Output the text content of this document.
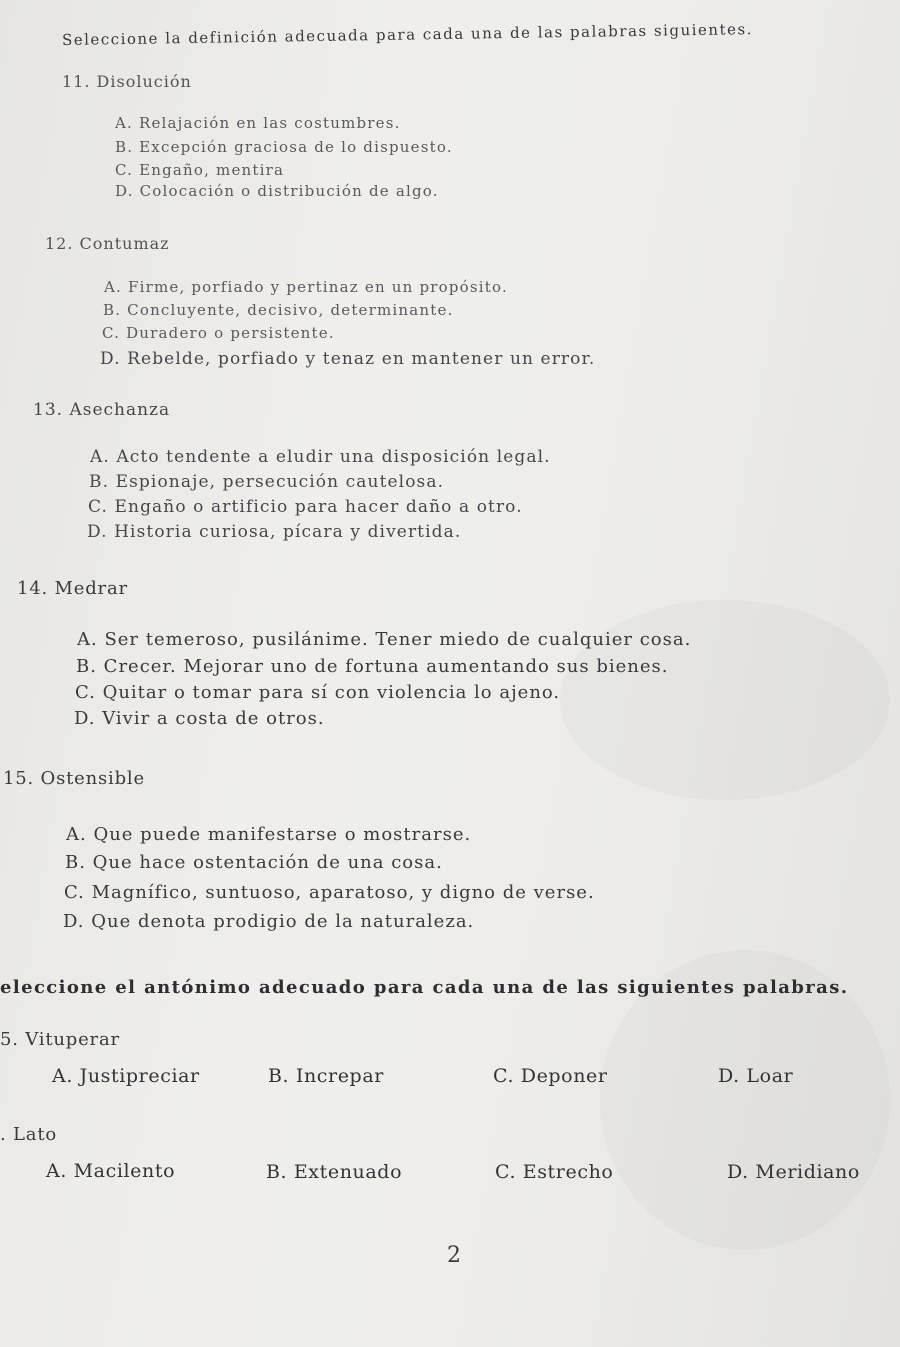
Seleccione la definición adecuada para cada una de las palabras siguientes.
11. Disolución
A. Relajación en las costumbres.
B. Excepción graciosa de lo dispuesto.
C. Engaño, mentira
D. Colocación o distribución de algo.
12. Contumaz
A. Firme, porfiado y pertinaz en un propósito.
B. Concluyente, decisivo, determinante.
C. Duradero o persistente.
D. Rebelde, porfiado y tenaz en mantener un error.
13. Asechanza
A. Acto tendente a eludir una disposición legal.
B. Espionaje, persecución cautelosa.
C. Engaño o artificio para hacer daño a otro.
D. Historia curiosa, pícara y divertida.
14. Medrar
A. Ser temeroso, pusilánime. Tener miedo de cualquier cosa.
B. Crecer. Mejorar uno de fortuna aumentando sus bienes.
C. Quitar o tomar para sí con violencia lo ajeno.
D. Vivir a costa de otros.
15. Ostensible
A. Que puede manifestarse o mostrarse.
B. Que hace ostentación de una cosa.
C. Magnífico, suntuoso, aparatoso, y digno de verse.
D. Que denota prodigio de la naturaleza.
eleccione el antónimo adecuado para cada una de las siguientes palabras.
5. Vituperar
A. Justipreciar	B. Increpar	C. Deponer	D. Loar
. Lato
A. Macilento	B. Extenuado	C. Estrecho	D. Meridiano
2
